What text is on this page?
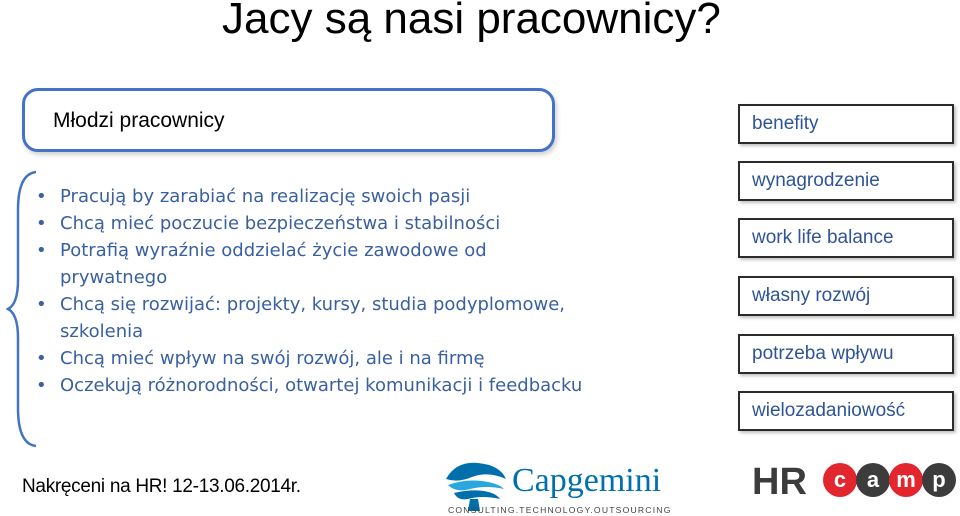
Jacy są nasi pracownicy?
Młodzi pracownicy
• Pracują by zarabiać na realizację swoich pasji
• Chcą mieć poczucie bezpieczeństwa i stabilności
• Potrafią wyraźnie oddzielać życie zawodowe od prywatnego
• Chcą się rozwijać: projekty, kursy, studia podyplomowe, szkolenia
• Chcą mieć wpływ na swój rozwój, ale i na firmę
• Oczekują różnorodności, otwartej komunikacji i feedbacku
benefity
wynagrodzenie
work life balance
własny rozwój
potrzeba wpływu
wielozadaniowość
Nakręceni na HR! 12-13.06.2014r.	Capgemini
CONSULTING.TECHNOLOGY.OUTSOURCING
HR c a m p
